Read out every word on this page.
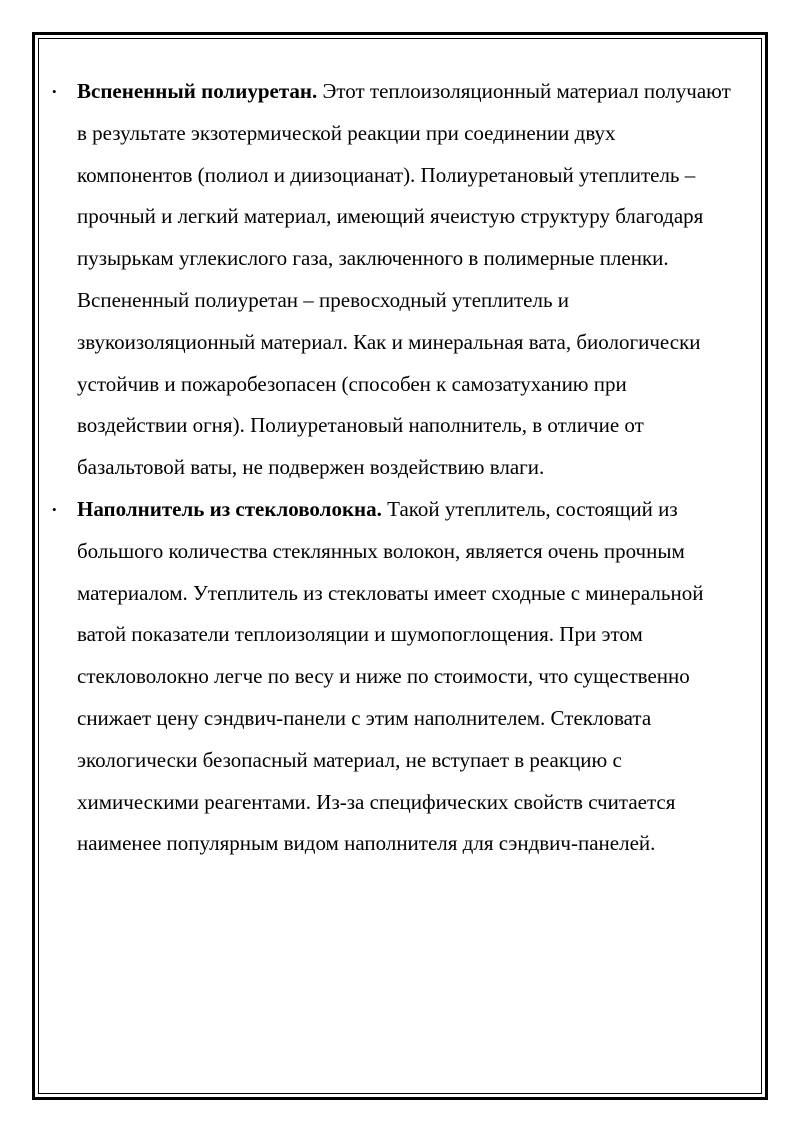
• Вспененный полиуретан. Этот теплоизоляционный материал получают в результате экзотермической реакции при соединении двух компонентов (полиол и диизоцианат). Полиуретановый утеплитель – прочный и легкий материал, имеющий ячеистую структуру благодаря пузырькам углекислого газа, заключенного в полимерные пленки. Вспененный полиуретан – превосходный утеплитель и звукоизоляционный материал. Как и минеральная вата, биологически устойчив и пожаробезопасен (способен к самозатуханию при воздействии огня). Полиуретановый наполнитель, в отличие от базальтовой ваты, не подвержен воздействию влаги.
• Наполнитель из стекловолокна. Такой утеплитель, состоящий из большого количества стеклянных волокон, является очень прочным материалом. Утеплитель из стекловаты имеет сходные с минеральной ватой показатели теплоизоляции и шумопоглощения. При этом стекловолокно легче по весу и ниже по стоимости, что существенно снижает цену сэндвич-панели с этим наполнителем. Стекловата экологически безопасный материал, не вступает в реакцию с химическими реагентами. Из-за специфических свойств считается наименее популярным видом наполнителя для сэндвич-панелей.
